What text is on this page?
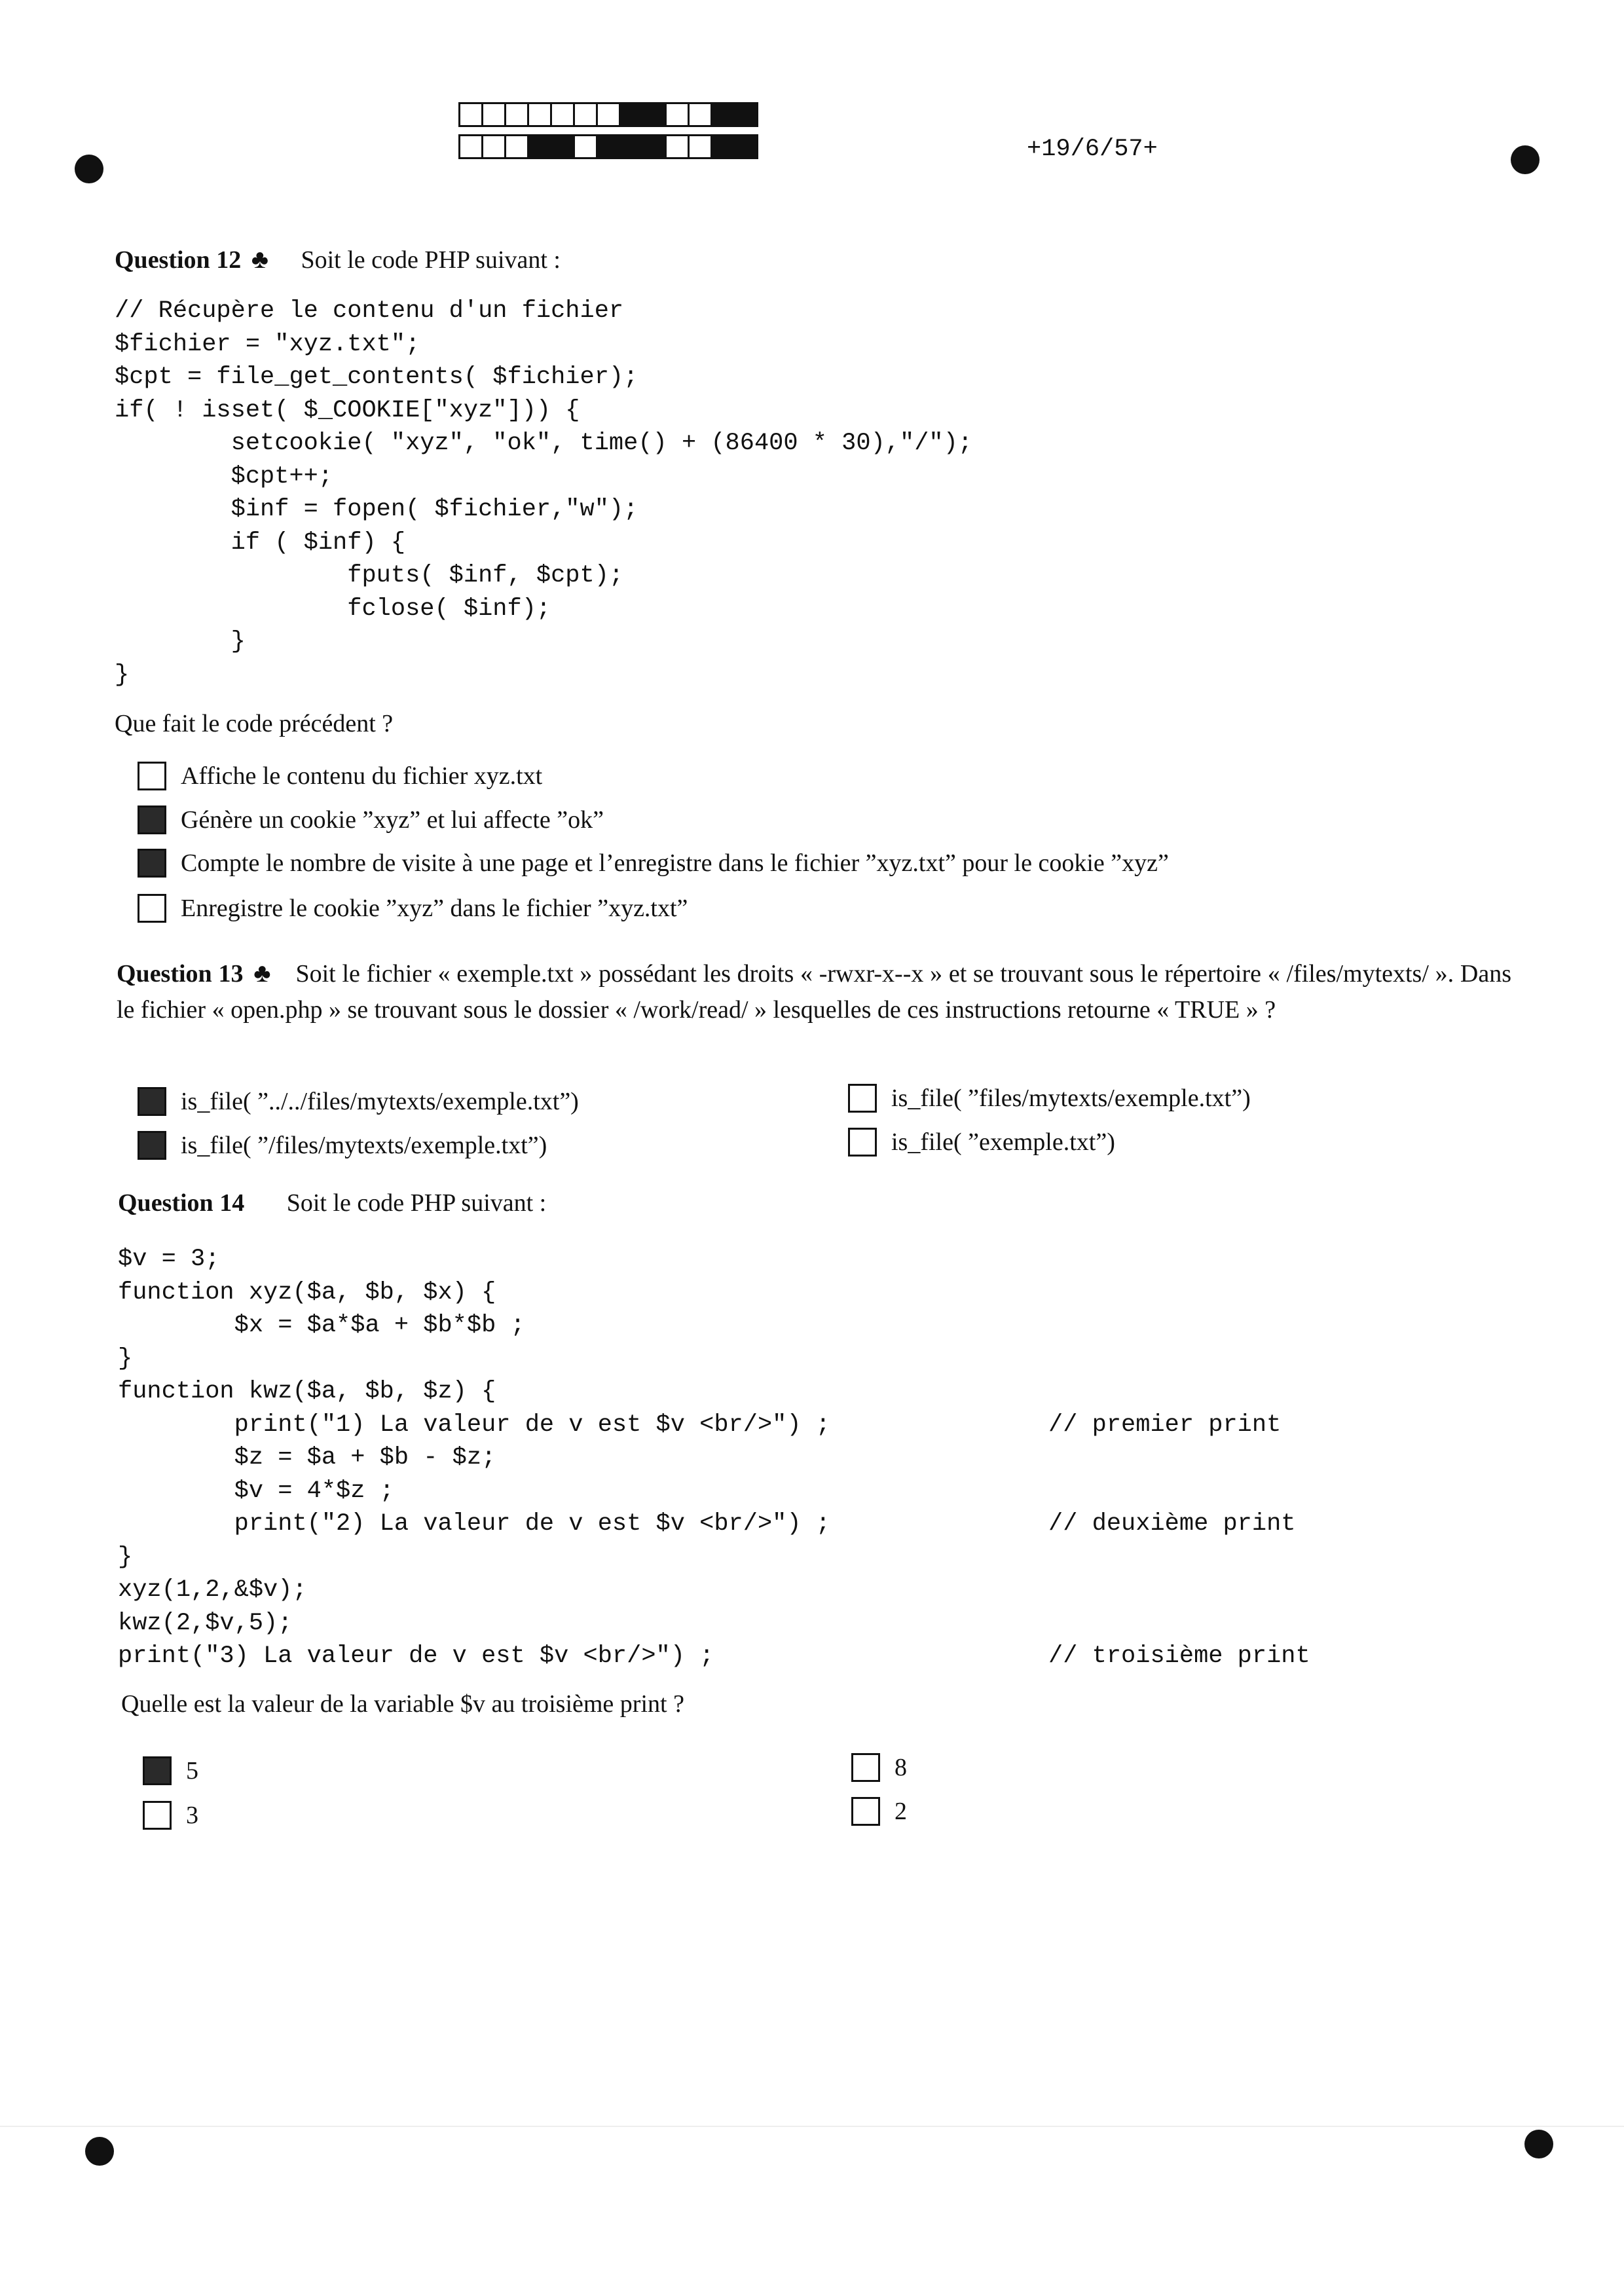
+19/6/57+
Question 12 ♣ Soit le code PHP suivant :
// Récupère le contenu d'un fichier
$fichier = "xyz.txt";
$cpt = file_get_contents( $fichier);
if( ! isset( $_COOKIE["xyz"])) {
setcookie( "xyz", "ok", time() + (86400 * 30),"/");
$cpt++;
$inf = fopen( $fichier,"w");
if ( $inf) {
fputs( $inf, $cpt);
fclose( $inf);
}
}
Que fait le code précédent ?
Affiche le contenu du fichier xyz.txt
Génère un cookie ”xyz” et lui affecte ”ok”
Compte le nombre de visite à une page et l’enregistre dans le fichier ”xyz.txt” pour le cookie ”xyz”
Enregistre le cookie ”xyz” dans le fichier ”xyz.txt”
Question 13 ♣ Soit le fichier « exemple.txt » possédant les droits « -rwxr-x--x » et se trouvant sous le répertoire « /files/mytexts/ ». Dans le fichier « open.php » se trouvant sous le dossier « /work/read/ » lesquelles de ces instructions retourne « TRUE » ?
is_file( ”../../files/mytexts/exemple.txt”)
is_file( ”/files/mytexts/exemple.txt”)
is_file( ”files/mytexts/exemple.txt”)
is_file( ”exemple.txt”)
Question 14 Soit le code PHP suivant :
$v = 3;
function xyz($a, $b, $x) {
$x = $a*$a + $b*$b ;
}
function kwz($a, $b, $z) {
print("1) La valeur de v est $v <br/>") ;               // premier print
$z = $a + $b - $z;
$v = 4*$z ;
print("2) La valeur de v est $v <br/>") ;               // deuxième print
}
xyz(1,2,&$v);
kwz(2,$v,5);
print("3) La valeur de v est $v <br/>") ;                       // troisième print
Quelle est la valeur de la variable $v au troisième print ?
5
3
8
2
